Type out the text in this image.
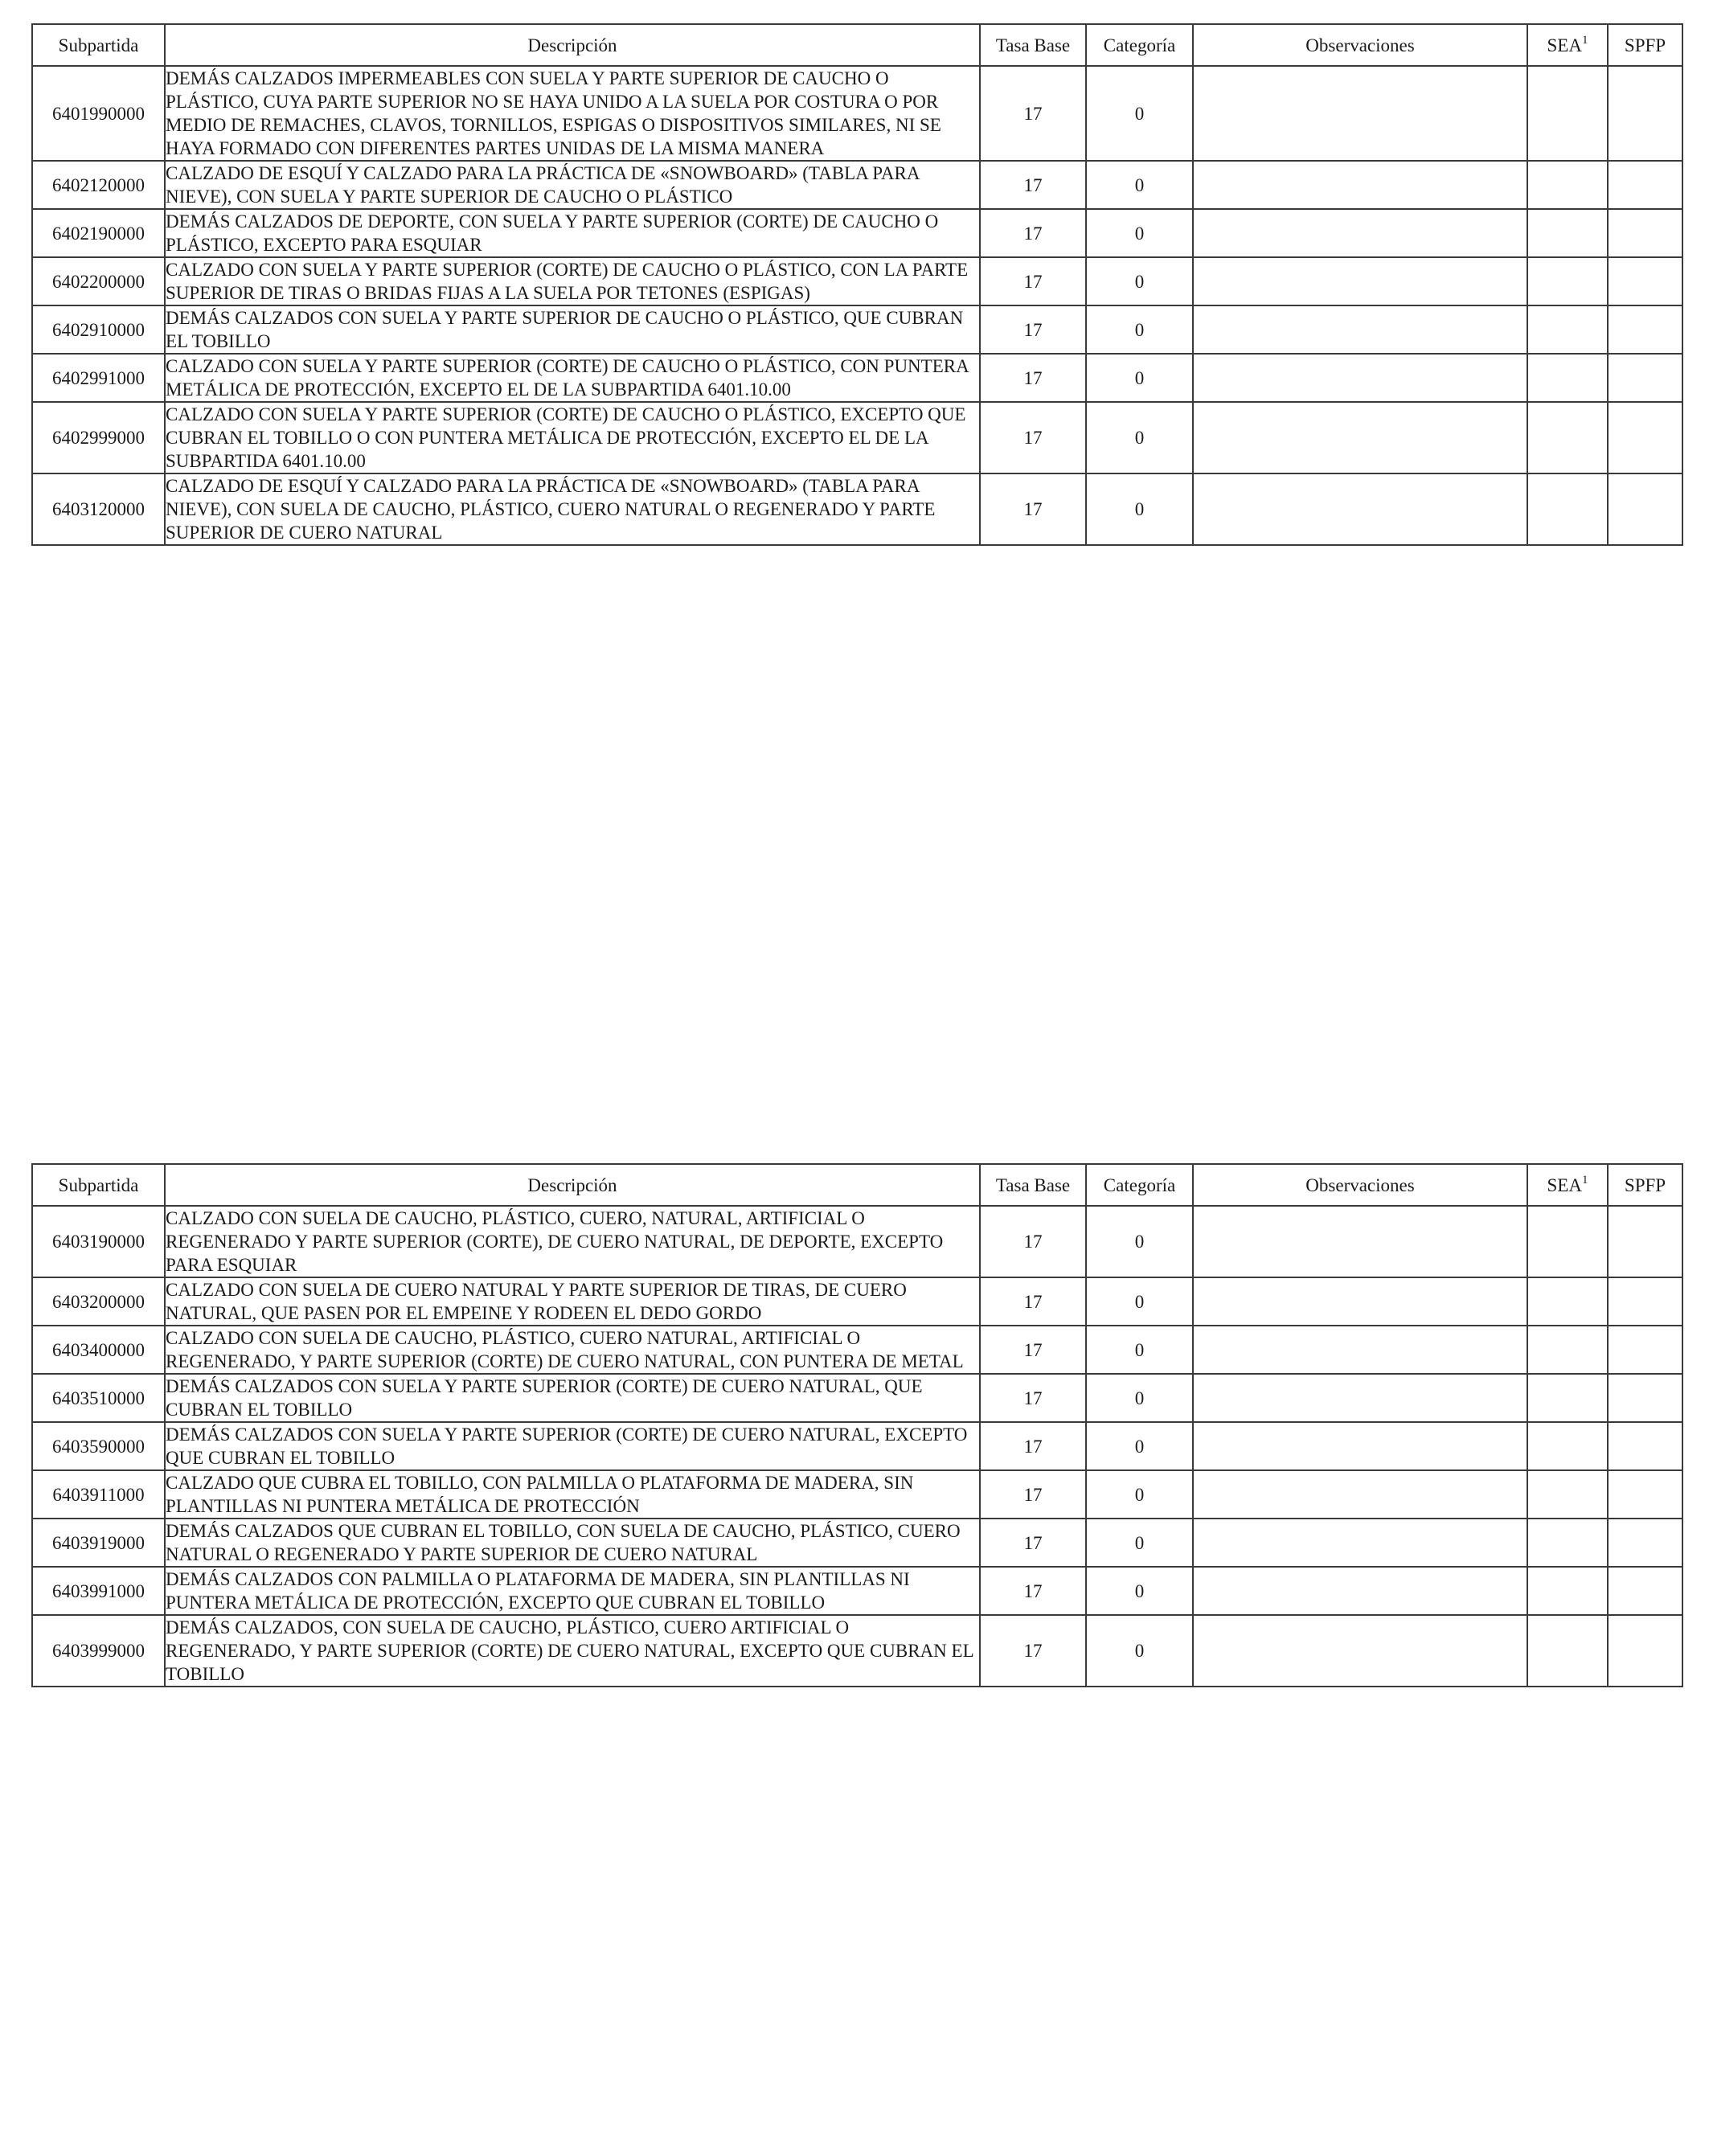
Subpartida	Descripción	Tasa Base	Categoría	Observaciones	SEA$^1$	SPFP
6401990000	DEMÁS CALZADOS IMPERMEABLES CON SUELA Y PARTE SUPERIOR DE CAUCHO O PLÁSTICO, CUYA PARTE SUPERIOR NO SE HAYA UNIDO A LA SUELA POR COSTURA O POR MEDIO DE REMACHES, CLAVOS, TORNILLOS, ESPIGAS O DISPOSITIVOS SIMILARES, NI SE HAYA FORMADO CON DIFERENTES PARTES UNIDAS DE LA MISMA MANERA	17	0			
6402120000	CALZADO DE ESQUÍ Y CALZADO PARA LA PRÁCTICA DE «SNOWBOARD» (TABLA PARA NIEVE), CON SUELA Y PARTE SUPERIOR DE CAUCHO O PLÁSTICO	17	0			
6402190000	DEMÁS CALZADOS DE DEPORTE, CON SUELA Y PARTE SUPERIOR (CORTE) DE CAUCHO O PLÁSTICO, EXCEPTO PARA ESQUIAR	17	0			
6402200000	CALZADO CON SUELA Y PARTE SUPERIOR (CORTE) DE CAUCHO O PLÁSTICO, CON LA PARTE SUPERIOR DE TIRAS O BRIDAS FIJAS A LA SUELA POR TETONES (ESPIGAS)	17	0			
6402910000	DEMÁS CALZADOS CON SUELA Y PARTE SUPERIOR DE CAUCHO O PLÁSTICO, QUE CUBRAN EL TOBILLO	17	0			
6402991000	CALZADO CON SUELA Y PARTE SUPERIOR (CORTE) DE CAUCHO O PLÁSTICO, CON PUNTERA METÁLICA DE PROTECCIÓN, EXCEPTO EL DE LA SUBPARTIDA 6401.10.00	17	0			
6402999000	CALZADO CON SUELA Y PARTE SUPERIOR (CORTE) DE CAUCHO O PLÁSTICO, EXCEPTO QUE CUBRAN EL TOBILLO O CON PUNTERA METÁLICA DE PROTECCIÓN, EXCEPTO EL DE LA SUBPARTIDA 6401.10.00	17	0			
6403120000	CALZADO DE ESQUÍ Y CALZADO PARA LA PRÁCTICA DE «SNOWBOARD» (TABLA PARA NIEVE), CON SUELA DE CAUCHO, PLÁSTICO, CUERO NATURAL O REGENERADO Y PARTE SUPERIOR DE CUERO NATURAL	17	0			
Subpartida	Descripción	Tasa Base	Categoría	Observaciones	SEA$^1$	SPFP
6403190000	CALZADO CON SUELA DE CAUCHO, PLÁSTICO, CUERO, NATURAL, ARTIFICIAL O REGENERADO Y PARTE SUPERIOR (CORTE), DE CUERO NATURAL, DE DEPORTE, EXCEPTO PARA ESQUIAR	17	0			
6403200000	CALZADO CON SUELA DE CUERO NATURAL Y PARTE SUPERIOR DE TIRAS, DE CUERO NATURAL, QUE PASEN POR EL EMPEINE Y RODEEN EL DEDO GORDO	17	0			
6403400000	CALZADO CON SUELA DE CAUCHO, PLÁSTICO, CUERO NATURAL, ARTIFICIAL O REGENERADO, Y PARTE SUPERIOR (CORTE) DE CUERO NATURAL, CON PUNTERA DE METAL	17	0			
6403510000	DEMÁS CALZADOS CON SUELA Y PARTE SUPERIOR (CORTE) DE CUERO NATURAL, QUE CUBRAN EL TOBILLO	17	0			
6403590000	DEMÁS CALZADOS CON SUELA Y PARTE SUPERIOR (CORTE) DE CUERO NATURAL, EXCEPTO QUE CUBRAN EL TOBILLO	17	0			
6403911000	CALZADO QUE CUBRA EL TOBILLO, CON PALMILLA O PLATAFORMA DE MADERA, SIN PLANTILLAS NI PUNTERA METÁLICA DE PROTECCIÓN	17	0			
6403919000	DEMÁS CALZADOS QUE CUBRAN EL TOBILLO, CON SUELA DE CAUCHO, PLÁSTICO, CUERO NATURAL O REGENERADO Y PARTE SUPERIOR DE CUERO NATURAL	17	0			
6403991000	DEMÁS CALZADOS CON PALMILLA O PLATAFORMA DE MADERA, SIN PLANTILLAS NI PUNTERA METÁLICA DE PROTECCIÓN, EXCEPTO QUE CUBRAN EL TOBILLO	17	0			
6403999000	DEMÁS CALZADOS, CON SUELA DE CAUCHO, PLÁSTICO, CUERO ARTIFICIAL O REGENERADO, Y PARTE SUPERIOR (CORTE) DE CUERO NATURAL, EXCEPTO QUE CUBRAN EL TOBILLO	17	0			
